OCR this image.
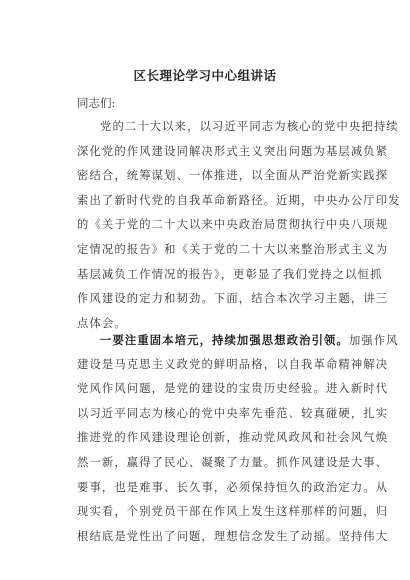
区长理论学习中心组讲话
同志们:
党的二十大以来，以习近平同志为核心的党中央把持续
深化党的作风建设同解决形式主义突出问题为基层减负紧
密结合，统筹谋划、一体推进，以全面从严治党新实践探
索出了新时代党的自我革命新路径。近期，中央办公厅印发
的《关于党的二十大以来中央政治局贯彻执行中央八项规
定情况的报告》和《关于党的二十大以来整治形式主义为
基层减负工作情况的报告》，更彰显了我们党持之以恒抓
作风建设的定力和韧劲。下面，结合本次学习主题，讲三
点体会。
一要注重固本培元，持续加强思想政治引领。加强作风
建设是马克思主义政党的鲜明品格，以自我革命精神解决
党风作风问题，是党的建设的宝贵历史经验。进入新时代
以习近平同志为核心的党中央率先垂范、较真碰硬，扎实
推进党的作风建设理论创新，推动党风政风和社会风气焕
然一新，赢得了民心、凝聚了力量。抓作风建设是大事、
要事，也是难事、长久事，必须保持恒久的政治定力。从
现实看，个别党员干部在作风上发生这样那样的问题，归
根结底是党性出了问题，理想信念发生了动摇。坚持伟大
